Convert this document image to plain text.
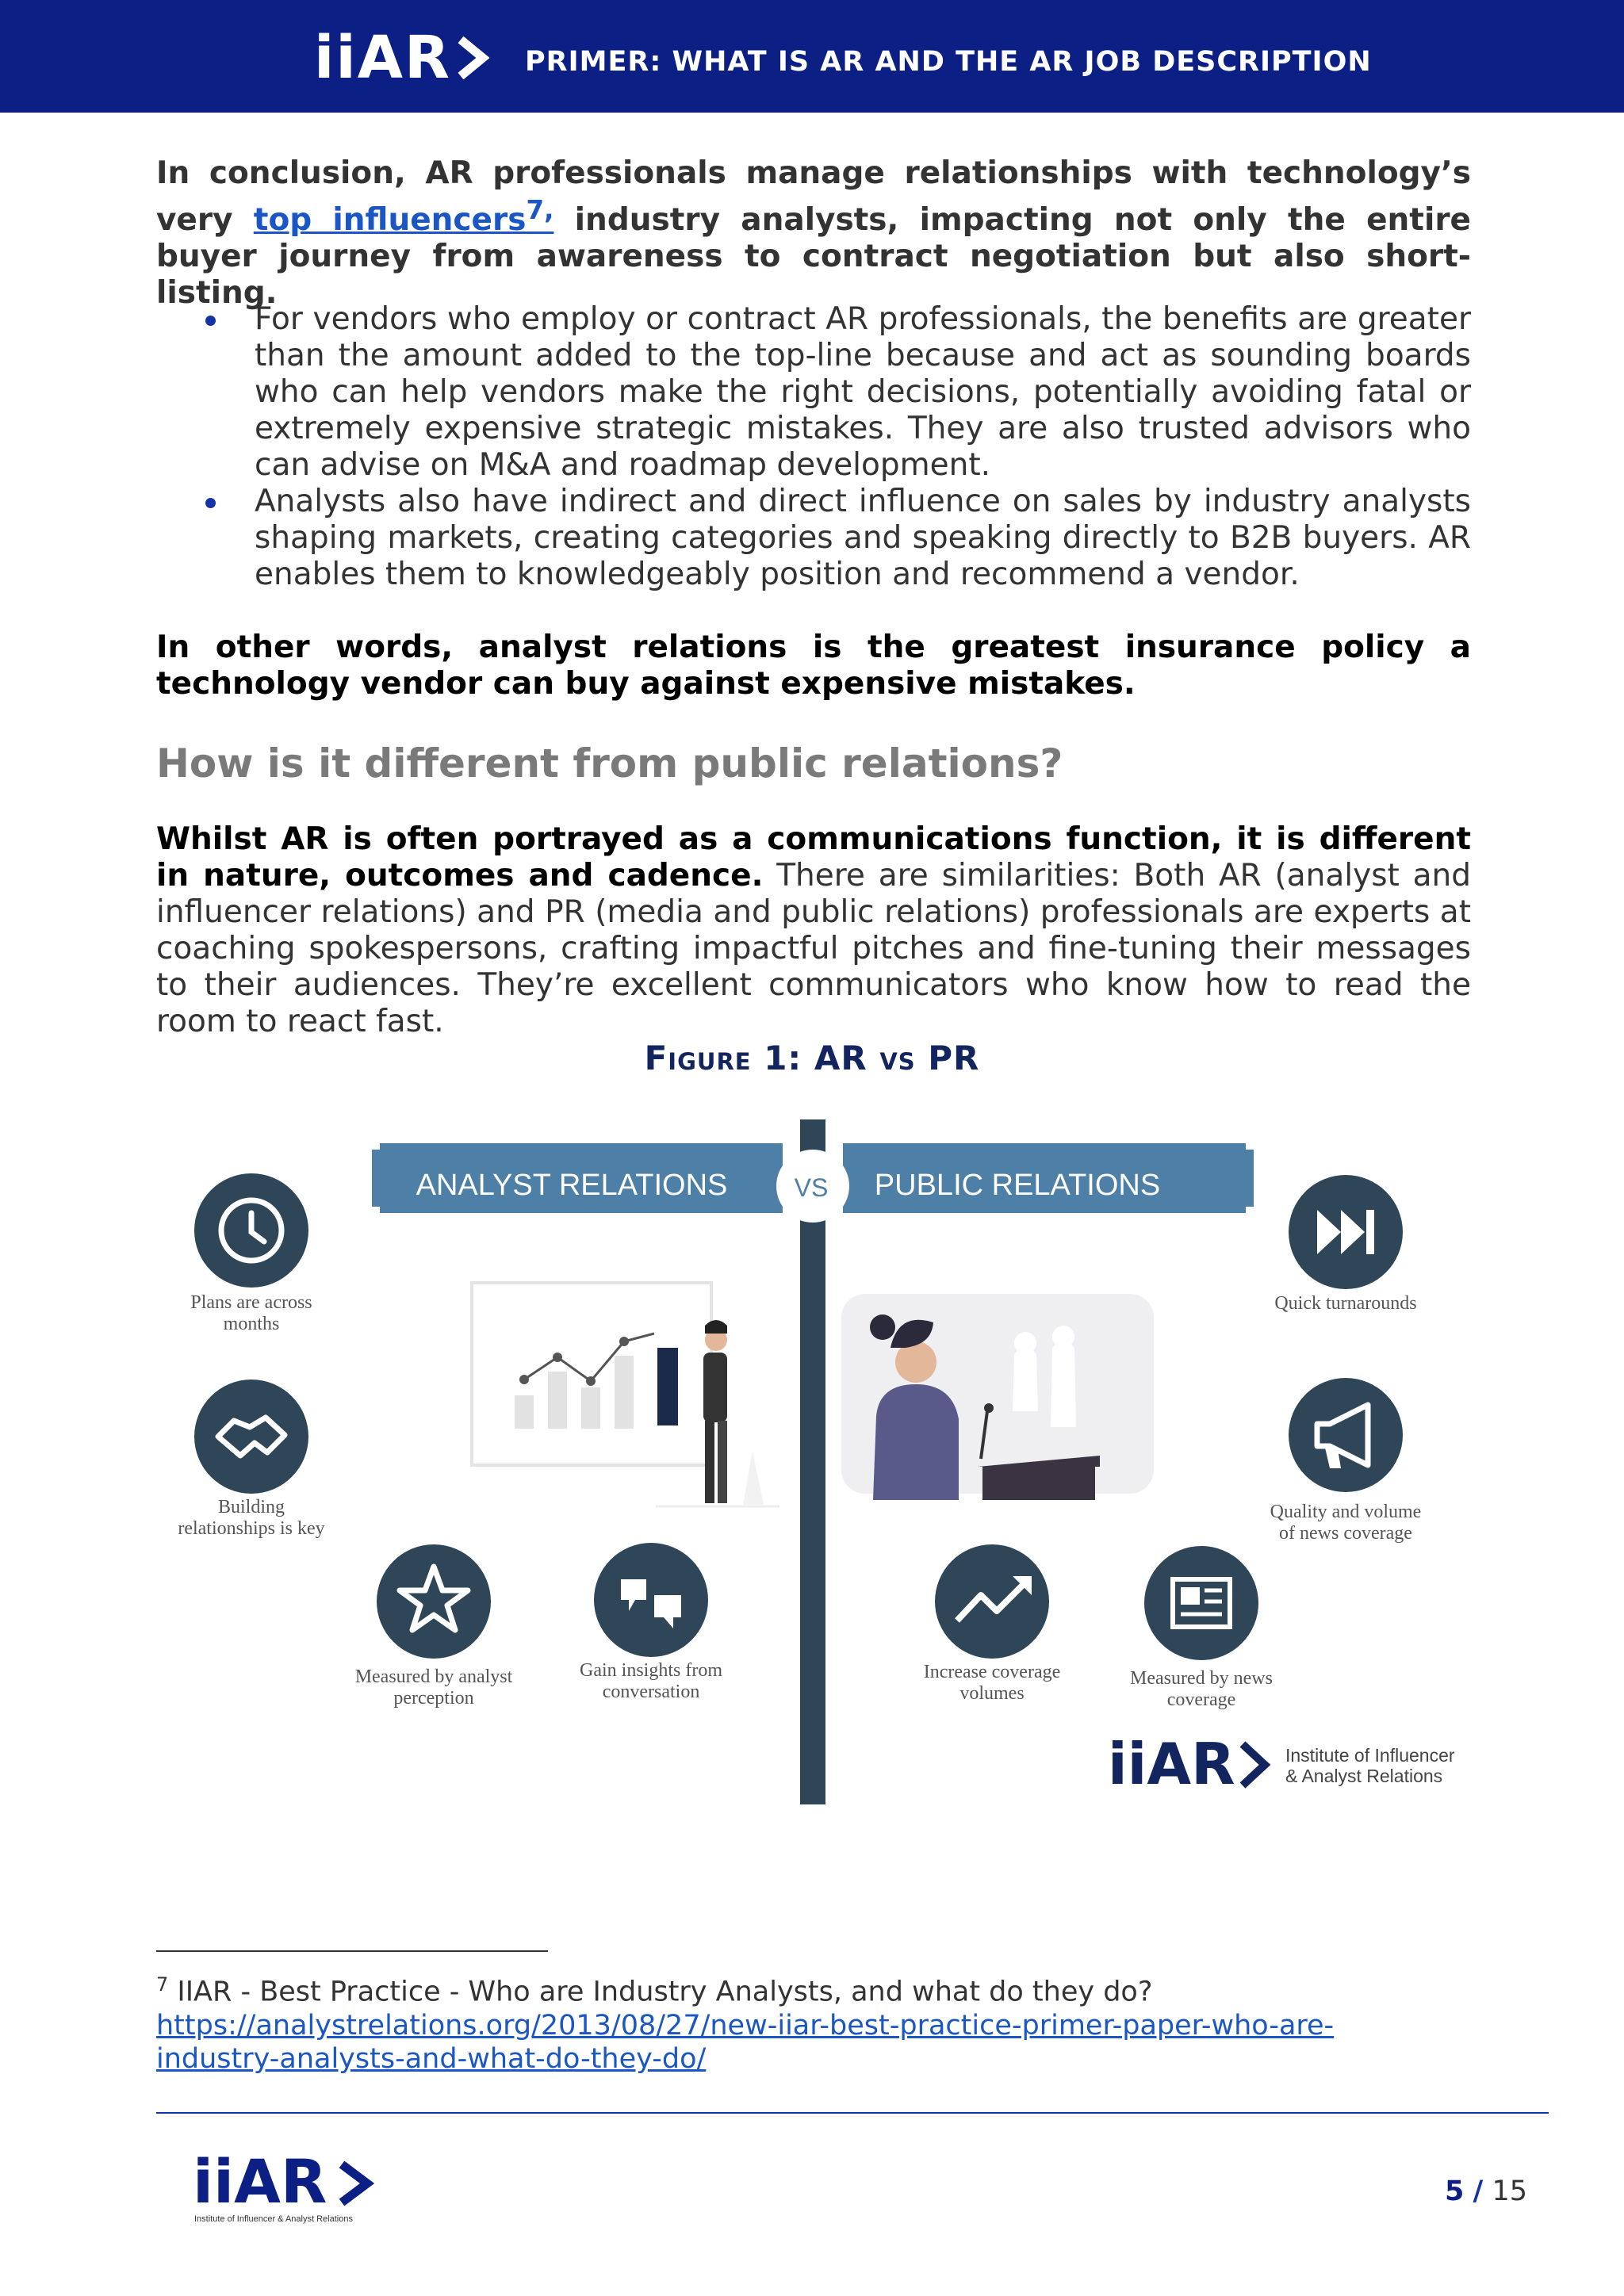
iiAR	PRIMER: WHAT IS AR AND THE AR JOB DESCRIPTION

In conclusion, AR professionals manage relationships with technology’s very top influencers$^{7,}$ industry analysts, impacting not only the entire buyer journey from awareness to contract negotiation but also short-listing.

For vendors who employ or contract AR professionals, the benefits are greater than the amount added to the top-line because and act as sounding boards who can help vendors make the right decisions, potentially avoiding fatal or extremely expensive strategic mistakes. They are also trusted advisors who can advise on M&A and roadmap development.
Analysts also have indirect and direct influence on sales by industry analysts shaping markets, creating categories and speaking directly to B2B buyers. AR enables them to knowledgeably position and recommend a vendor.

In other words, analyst relations is the greatest insurance policy a technology vendor can buy against expensive mistakes.

How is it different from public relations?

Whilst AR is often portrayed as a communications function, it is different in nature, outcomes and cadence. There are similarities: Both AR (analyst and influencer relations) and PR (media and public relations) professionals are experts at coaching spokespersons, crafting impactful pitches and fine-tuning their messages to their audiences. They’re excellent communicators who know how to read the room to react fast.

Figure 1: AR vs PR
ANALYST RELATIONS	PUBLIC RELATIONS
VS
Plans are across months
Building relationships is key
Measured by analyst perception
Gain insights from conversation
Quick turnarounds
Quality and volume of news coverage
Increase coverage volumes
Measured by news coverage
iiAR	Institute of Influencer & Analyst Relations
$^7$ IIAR - Best Practice - Who are Industry Analysts, and what do they do?
https://analystrelations.org/2013/08/27/new-iiar-best-practice-primer-paper-who-are-
industry-analysts-and-what-do-they-do/
iiAR
Institute of Influencer & Analyst Relations
5 / 15
